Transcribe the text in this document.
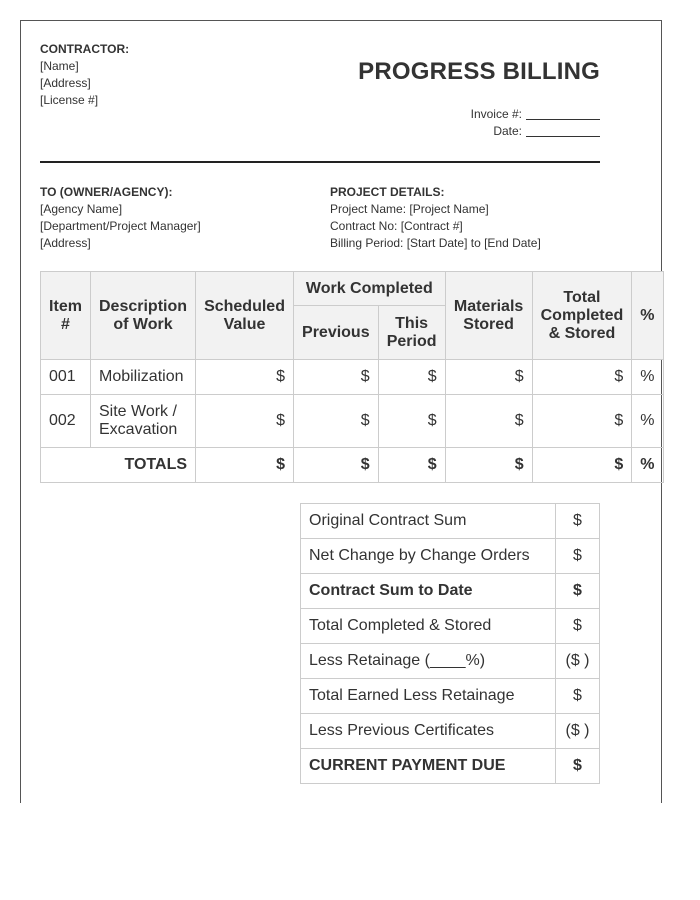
CONTRACTOR:
[Name]
[Address]
[License #]
PROGRESS BILLING
Invoice #:
Date:
TO (OWNER/AGENCY):
[Agency Name]
[Department/Project Manager]
[Address]
PROJECT DETAILS:
Project Name: [Project Name]
Contract No: [Contract #]
Billing Period: [Start Date] to [End Date]
Item #	Description of Work	Scheduled Value	Work Completed		Materials Stored	Total Completed & Stored	%
			Previous	This Period			
001	Mobilization	$	$	$	$	$	%
002	Site Work / Excavation	$	$	$	$	$	%
TOTALS		$	$	$	$	$	%
Original Contract Sum	$
Net Change by Change Orders	$
Contract Sum to Date	$
Total Completed & Stored	$
Less Retainage (____%)	($ )
Total Earned Less Retainage	$
Less Previous Certificates	($ )
CURRENT PAYMENT DUE	$
